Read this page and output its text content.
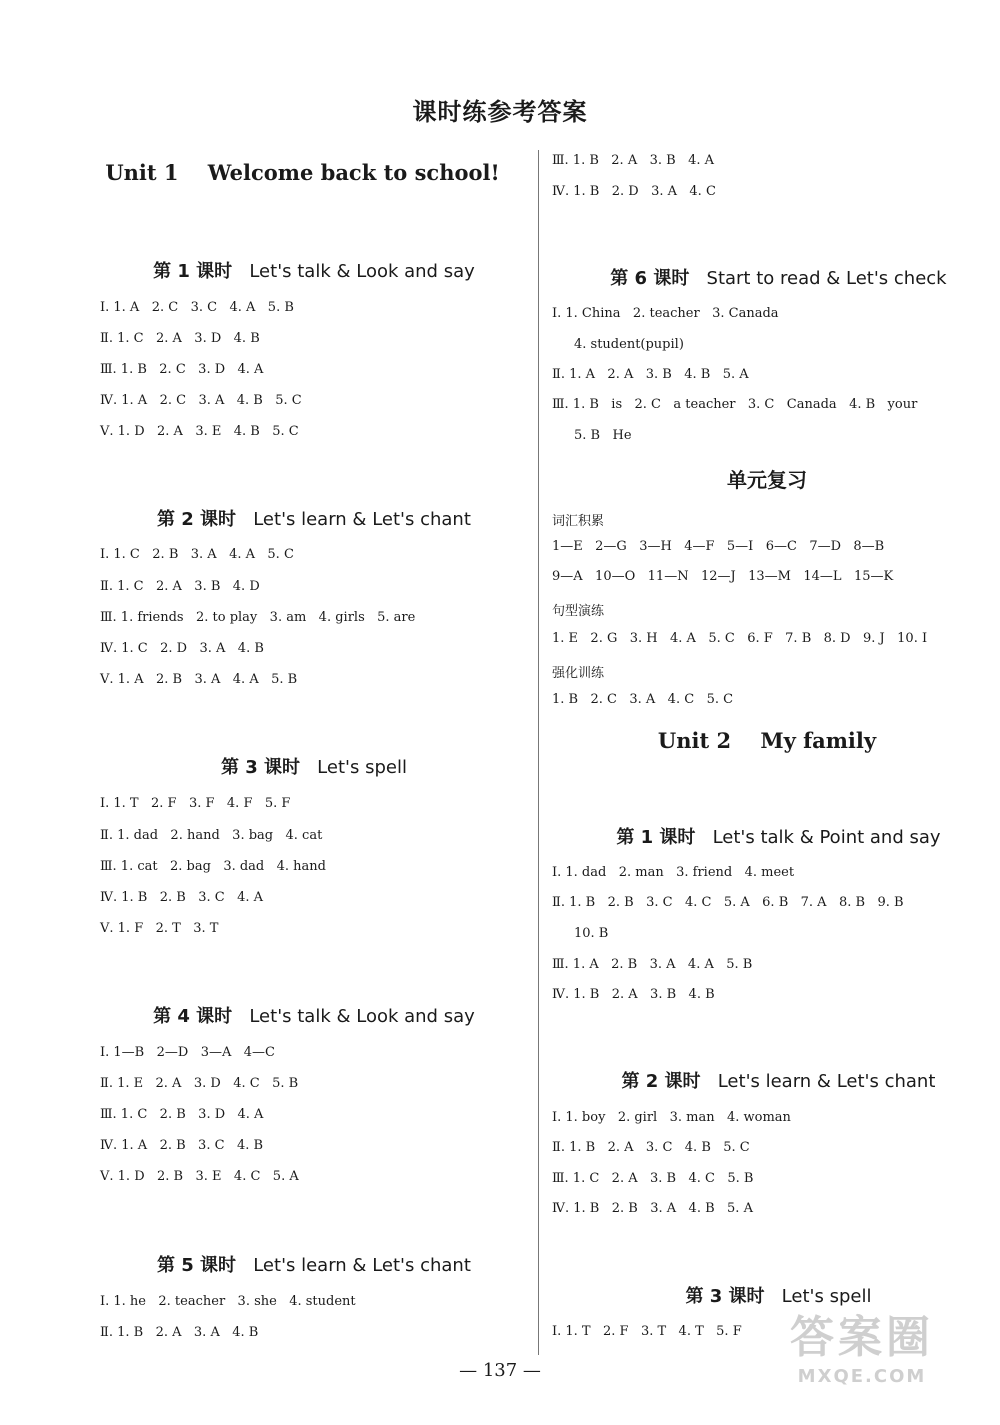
课时练参考答案
Unit 1    Welcome back to school!

第 1 课时 Let's talk & Look and say

Ⅰ. 1. A   2. C   3. C   4. A   5. B
Ⅱ. 1. C   2. A   3. D   4. B
Ⅲ. 1. B   2. C   3. D   4. A
Ⅳ. 1. A   2. C   3. A   4. B   5. C
Ⅴ. 1. D   2. A   3. E   4. B   5. C

第 2 课时 Let's learn & Let's chant

Ⅰ. 1. C   2. B   3. A   4. A   5. C
Ⅱ. 1. C   2. A   3. B   4. D
Ⅲ. 1. friends   2. to play   3. am   4. girls   5. are
Ⅳ. 1. C   2. D   3. A   4. B
Ⅴ. 1. A   2. B   3. A   4. A   5. B

第 3 课时 Let's spell

Ⅰ. 1. T   2. F   3. F   4. F   5. F
Ⅱ. 1. dad   2. hand   3. bag   4. cat
Ⅲ. 1. cat   2. bag   3. dad   4. hand
Ⅳ. 1. B   2. B   3. C   4. A
Ⅴ. 1. F   2. T   3. T

第 4 课时 Let's talk & Look and say

Ⅰ. 1—B   2—D   3—A   4—C
Ⅱ. 1. E   2. A   3. D   4. C   5. B
Ⅲ. 1. C   2. B   3. D   4. A
Ⅳ. 1. A   2. B   3. C   4. B
Ⅴ. 1. D   2. B   3. E   4. C   5. A

第 5 课时 Let's learn & Let's chant

Ⅰ. 1. he   2. teacher   3. she   4. student
Ⅱ. 1. B   2. A   3. A   4. B
Ⅲ. 1. B   2. A   3. B   4. A
Ⅳ. 1. B   2. D   3. A   4. C

第 6 课时 Start to read & Let's check

Ⅰ. 1. China   2. teacher   3. Canada
4. student(pupil)
Ⅱ. 1. A   2. A   3. B   4. B   5. A
Ⅲ. 1. B   is   2. C   a teacher   3. C   Canada   4. B   your
5. B   He
单元复习
词汇积累
1—E   2—G   3—H   4—F   5—I   6—C   7—D   8—B
9—A   10—O   11—N   12—J   13—M   14—L   15—K
句型演练
1. E   2. G   3. H   4. A   5. C   6. F   7. B   8. D   9. J   10. I
强化训练
1. B   2. C   3. A   4. C   5. C
Unit 2    My family

第 1 课时 Let's talk & Point and say

Ⅰ. 1. dad   2. man   3. friend   4. meet
Ⅱ. 1. B   2. B   3. C   4. C   5. A   6. B   7. A   8. B   9. B
10. B
Ⅲ. 1. A   2. B   3. A   4. A   5. B
Ⅳ. 1. B   2. A   3. B   4. B

第 2 课时 Let's learn & Let's chant

Ⅰ. 1. boy   2. girl   3. man   4. woman
Ⅱ. 1. B   2. A   3. C   4. B   5. C
Ⅲ. 1. C   2. A   3. B   4. C   5. B
Ⅳ. 1. B   2. B   3. A   4. B   5. A

第 3 课时 Let's spell

Ⅰ. 1. T   2. F   3. T   4. T   5. F
— 137 —
答案圈
MXQE.COM
